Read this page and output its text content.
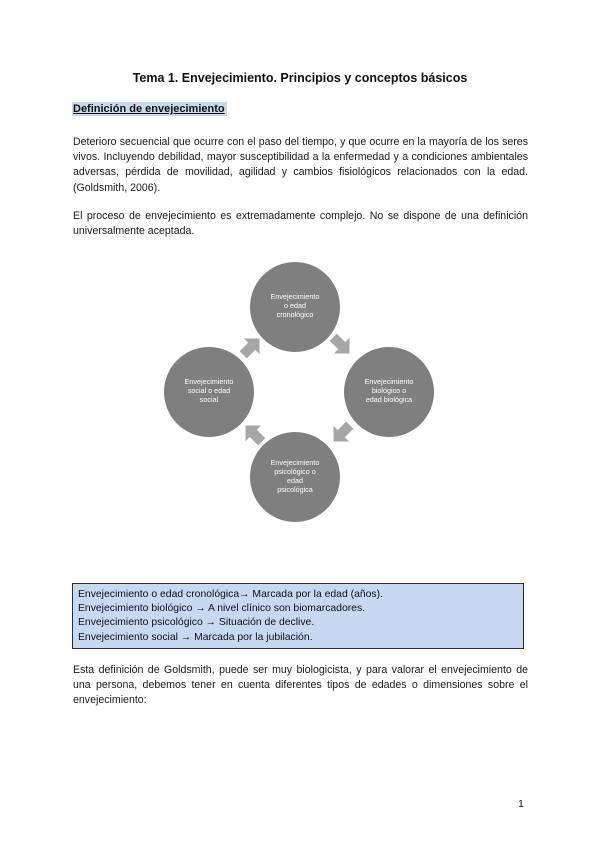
Tema 1. Envejecimiento. Principios y conceptos básicos
Definición de envejecimiento
Deterioro secuencial que ocurre con el paso del tiempo, y que ocurre en la mayoría de los seres vivos. Incluyendo debilidad, mayor susceptibilidad a la enfermedad y a condiciones ambientales adversas, pérdida de movilidad, agilidad y cambios fisiológicos relacionados con la edad. (Goldsmith, 2006).
El proceso de envejecimiento es extremadamente complejo. No se dispone de una definición universalmente aceptada.
Envejecimiento
o edad
cronológico
Envejecimiento
biológico o
edad biológica
Envejecimiento
psicológico o
edad
psicológica
Envejecimiento
social o edad
social
Envejecimiento o edad cronológica→ Marcada por la edad (años).
Envejecimiento biológico → A nivel clínico son biomarcadores.
Envejecimiento psicológico → Situación de declive.
Envejecimiento social → Marcada por la jubilación.
Esta definición de Goldsmith, puede ser muy biologicista, y para valorar el envejecimiento de una persona, debemos tener en cuenta diferentes tipos de edades o dimensiones sobre el envejecimiento:
1
